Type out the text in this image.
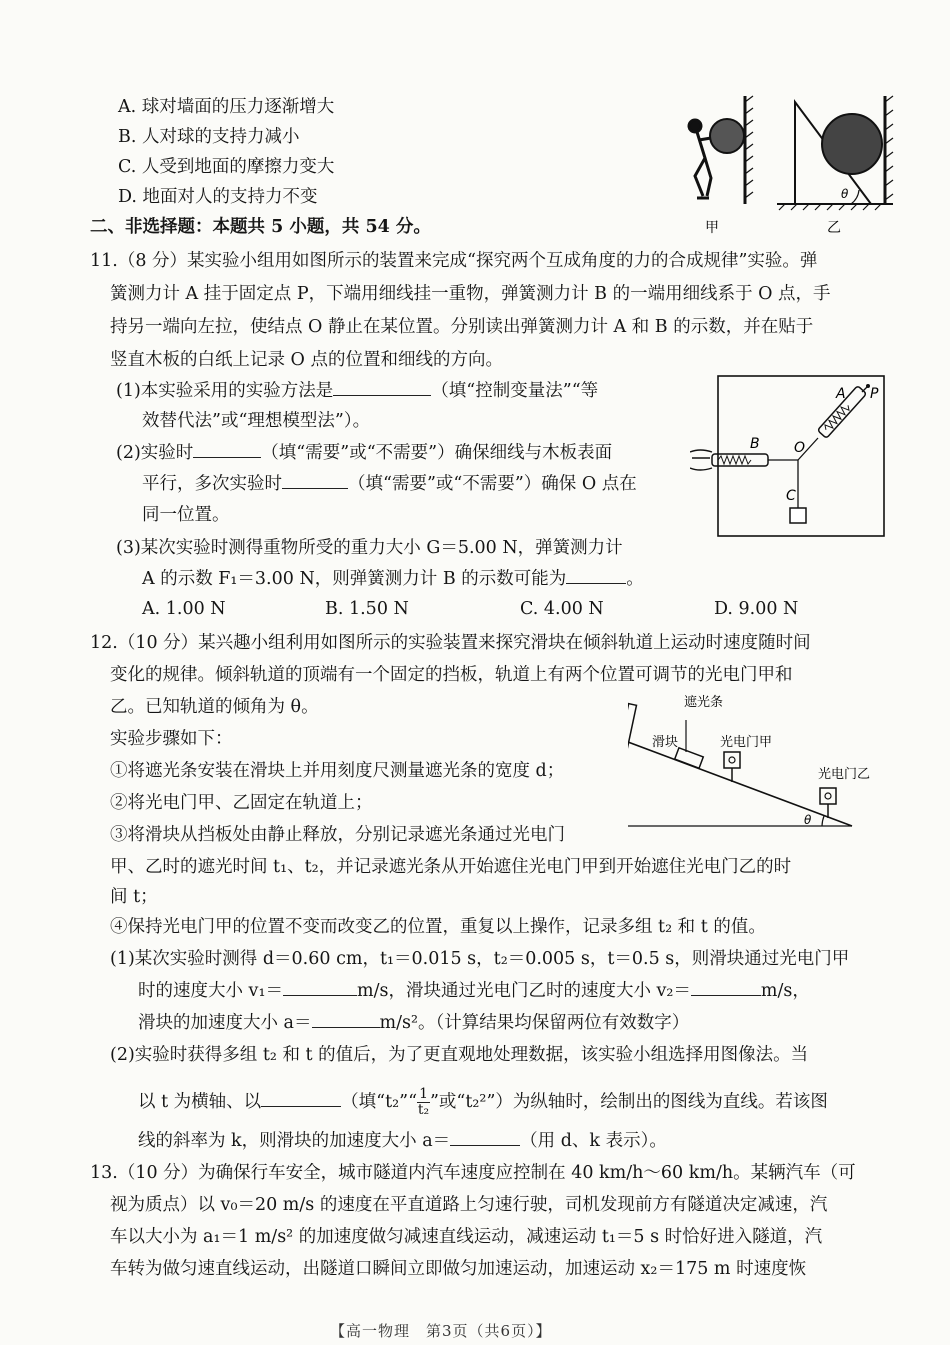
A. 球对墙面的压力逐渐增大
B. 人对球的支持力减小
C. 人受到地面的摩擦力变大
D. 地面对人的支持力不变
甲
θ
乙
二、非选择题：本题共 5 小题，共 54 分。
11.（8 分）某实验小组用如图所示的装置来完成“探究两个互成角度的力的合成规律”实验。弹
簧测力计 A 挂于固定点 P，下端用细线挂一重物，弹簧测力计 B 的一端用细线系于 O 点，手
持另一端向左拉，使结点 O 静止在某位置。分别读出弹簧测力计 A 和 B 的示数，并在贴于
竖直木板的白纸上记录 O 点的位置和细线的方向。
(1)本实验采用的实验方法是	（填“控制变量法”“等
效替代法”或“理想模型法”）。
(2)实验时	（填“需要”或“不需要”）确保细线与木板表面
平行，多次实验时	（填“需要”或“不需要”）确保 O 点在
同一位置。
(3)某次实验时测得重物所受的重力大小 G＝5.00 N，弹簧测力计
A 的示数 F₁＝3.00 N，则弹簧测力计 B 的示数可能为	。
A. 1.00 N	B. 1.50 N	C. 4.00 N	D. 9.00 N
A P
B O
C
12.（10 分）某兴趣小组利用如图所示的实验装置来探究滑块在倾斜轨道上运动时速度随时间
变化的规律。倾斜轨道的顶端有一个固定的挡板，轨道上有两个位置可调节的光电门甲和
乙。已知轨道的倾角为 θ。
实验步骤如下：
①将遮光条安装在滑块上并用刻度尺测量遮光条的宽度 d；
②将光电门甲、乙固定在轨道上；
③将滑块从挡板处由静止释放，分别记录遮光条通过光电门
甲、乙时的遮光时间 t₁、t₂，并记录遮光条从开始遮住光电门甲到开始遮住光电门乙的时
间 t；
④保持光电门甲的位置不变而改变乙的位置，重复以上操作，记录多组 t₂ 和 t 的值。
遮光条
滑块	光电门甲
光电门乙
θ
(1)某次实验时测得 d＝0.60 cm，t₁＝0.015 s，t₂＝0.005 s，t＝0.5 s，则滑块通过光电门甲
时的速度大小 v₁＝	m/s，滑块通过光电门乙时的速度大小 v₂＝	m/s，
滑块的加速度大小 a＝	m/s²。（计算结果均保留两位有效数字）
(2)实验时获得多组 t₂ 和 t 的值后，为了更直观地处理数据，该实验小组选择用图像法。当
以 t 为横轴、以	（填“t₂”“ $\frac{1}{\text{t₂}}$ ”或“t₂²”）为纵轴时，绘制出的图线为直线。若该图
线的斜率为 k，则滑块的加速度大小 a＝	（用 d、k 表示）。
13.（10 分）为确保行车安全，城市隧道内汽车速度应控制在 40 km/h～60 km/h。某辆汽车（可
视为质点）以 v₀＝20 m/s 的速度在平直道路上匀速行驶，司机发现前方有隧道决定减速，汽
车以大小为 a₁＝1 m/s² 的加速度做匀减速直线运动，减速运动 t₁＝5 s 时恰好进入隧道，汽
车转为做匀速直线运动，出隧道口瞬间立即做匀加速运动，加速运动 x₂＝175 m 时速度恢
【高一物理　第3页（共6页）】
